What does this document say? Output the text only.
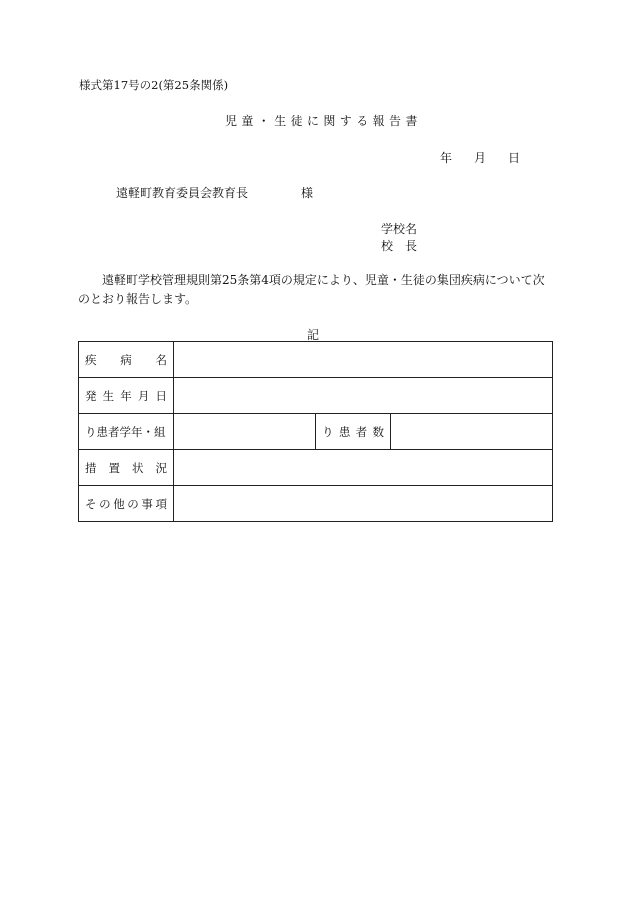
様式第17号の2(第25条関係)
児童・生徒に関する報告書
年 月 日
遠軽町教育委員会教育長	様
学校名
校長
遠軽町学校管理規則第25条第4項の規定により、児童・生徒の集団疾病について次のとおり報告します。
記
疾病名			
発生年月日			
り患者学年・組		り患者数	
措置状況			
その他の事項			
